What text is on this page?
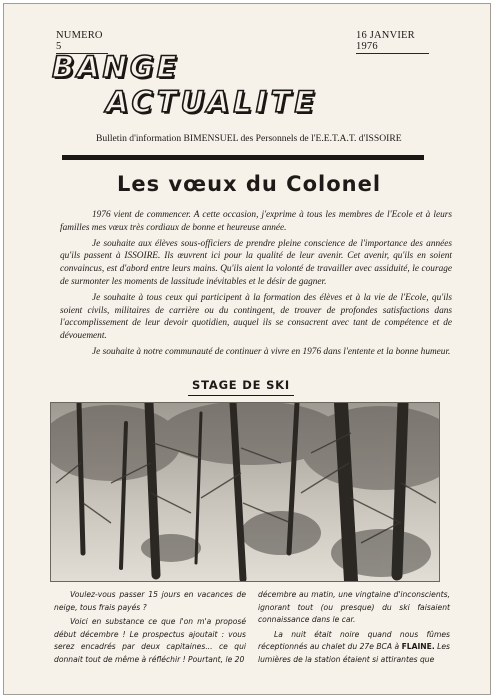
NUMERO 5
16 JANVIER 1976
BANGE
ACTUALITE
Bulletin d'information BIMENSUEL des Personnels de l'E.E.T.A.T. d'ISSOIRE
Les vœux du Colonel

1976 vient de commencer. A cette occasion, j'exprime à tous les membres de l'Ecole et à leurs familles mes vœux très cordiaux de bonne et heureuse année.

Je souhaite aux élèves sous-officiers de prendre pleine conscience de l'importance des années qu'ils passent à ISSOIRE. Ils œuvrent ici pour la qualité de leur avenir. Cet avenir, qu'ils en soient convaincus, est d'abord entre leurs mains. Qu'ils aient la volonté de travailler avec assiduité, le courage de surmonter les moments de lassitude inévitables et le désir de gagner.

Je souhaite à tous ceux qui participent à la formation des élèves et à la vie de l'Ecole, qu'ils soient civils, militaires de carrière ou du contingent, de trouver de profondes satisfactions dans l'accomplissement de leur devoir quotidien, auquel ils se consacrent avec tant de compétence et de dévouement.

Je souhaite à notre communauté de continuer à vivre en 1976 dans l'entente et la bonne humeur.

STAGE DE SKI

Voulez-vous passer 15 jours en vacances de neige, tous frais payés ?

Voici en substance ce que l'on m'a proposé début décembre ! Le prospectus ajoutait : vous serez encadrés par deux capitaines... ce qui donnait tout de même à réfléchir ! Pourtant, le 20

décembre au matin, une vingtaine d'inconscients, ignorant tout (ou presque) du ski faisaient connaissance dans le car.

La nuit était noire quand nous fûmes réceptionnés au chalet du 27e BCA à FLAINE. Les lumières de la station étaient si attirantes que
